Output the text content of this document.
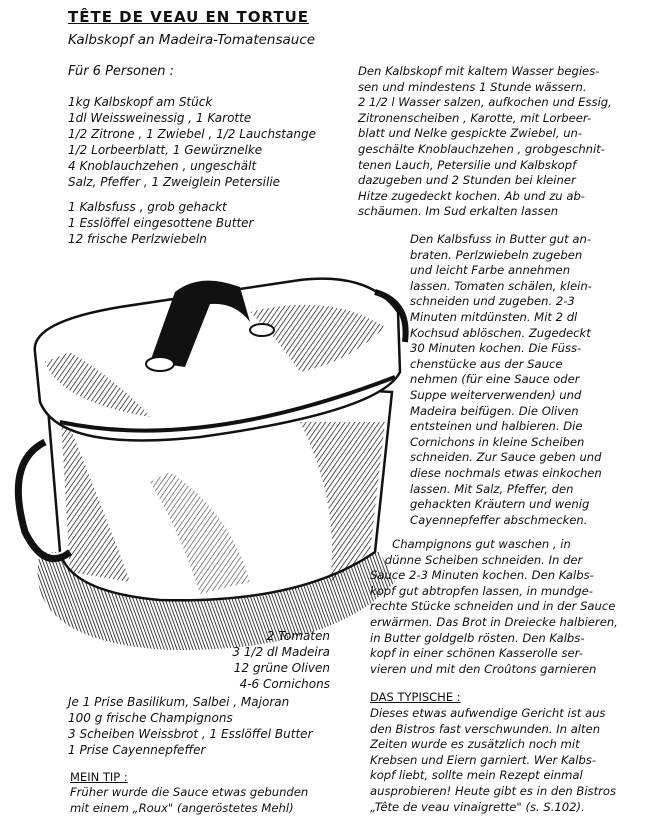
TÊTE DE VEAU EN TORTUE
Kalbskopf an Madeira-Tomatensauce
Für 6 Personen :
1kg Kalbskopf am Stück
1dl Weissweinessig , 1 Karotte
1/2 Zitrone , 1 Zwiebel , 1/2 Lauchstange
1/2 Lorbeerblatt, 1 Gewürznelke
4 Knoblauchzehen , ungeschält
Salz, Pfeffer , 1 Zweiglein Petersilie
1 Kalbsfuss , grob gehackt
1 Esslöffel eingesottene Butter
12 frische Perlzwiebeln
Den Kalbskopf mit kaltem Wasser begies-
sen und mindestens 1 Stunde wässern.
2 1/2 l Wasser salzen, aufkochen und Essig,
Zitronenscheiben , Karotte, mit Lorbeer-
blatt und Nelke gespickte Zwiebel, un-
geschälte Knoblauchzehen , grobgeschnit-
tenen Lauch, Petersilie und Kalbskopf
dazugeben und 2 Stunden bei kleiner
Hitze zugedeckt kochen. Ab und zu ab-
schäumen. Im Sud erkalten lassen
Den Kalbsfuss in Butter gut an-
braten. Perlzwiebeln zugeben
und leicht Farbe annehmen
lassen. Tomaten schälen, klein-
schneiden und zugeben. 2-3
Minuten mitdünsten. Mit 2 dl
Kochsud ablöschen. Zugedeckt
30 Minuten kochen. Die Füss-
chenstücke aus der Sauce
nehmen (für eine Sauce oder
Suppe weiterverwenden) und
Madeira beifügen. Die Oliven
entsteinen und halbieren. Die
Cornichons in kleine Scheiben
schneiden. Zur Sauce geben und
diese nochmals etwas einkochen
lassen. Mit Salz, Pfeffer, den
gehackten Kräutern und wenig
Cayennepfeffer abschmecken.
Champignons gut waschen , in
dünne Scheiben schneiden. In der
Sauce 2-3 Minuten kochen. Den Kalbs-
kopf gut abtropfen lassen, in mundge-
rechte Stücke schneiden und in der Sauce
erwärmen. Das Brot in Dreiecke halbieren,
in Butter goldgelb rösten. Den Kalbs-
kopf in einer schönen Kasserolle ser-
vieren und mit den Croûtons garnieren
2 Tomaten
3 1/2 dl Madeira
12 grüne Oliven
4-6 Cornichons
Je 1 Prise Basilikum, Salbei , Majoran
100 g frische Champignons
3 Scheiben Weissbrot , 1 Esslöffel Butter
1 Prise Cayennepfeffer
DAS TYPISCHE :
Dieses etwas aufwendige Gericht ist aus
den Bistros fast verschwunden. In alten
Zeiten wurde es zusätzlich noch mit
Krebsen und Eiern garniert. Wer Kalbs-
kopf liebt, sollte mein Rezept einmal
ausprobieren! Heute gibt es in den Bistros
„Tête de veau vinaigrette" (s. S.102).
MEIN TIP :
Früher wurde die Sauce etwas gebunden
mit einem „Roux" (angeröstetes Mehl)
